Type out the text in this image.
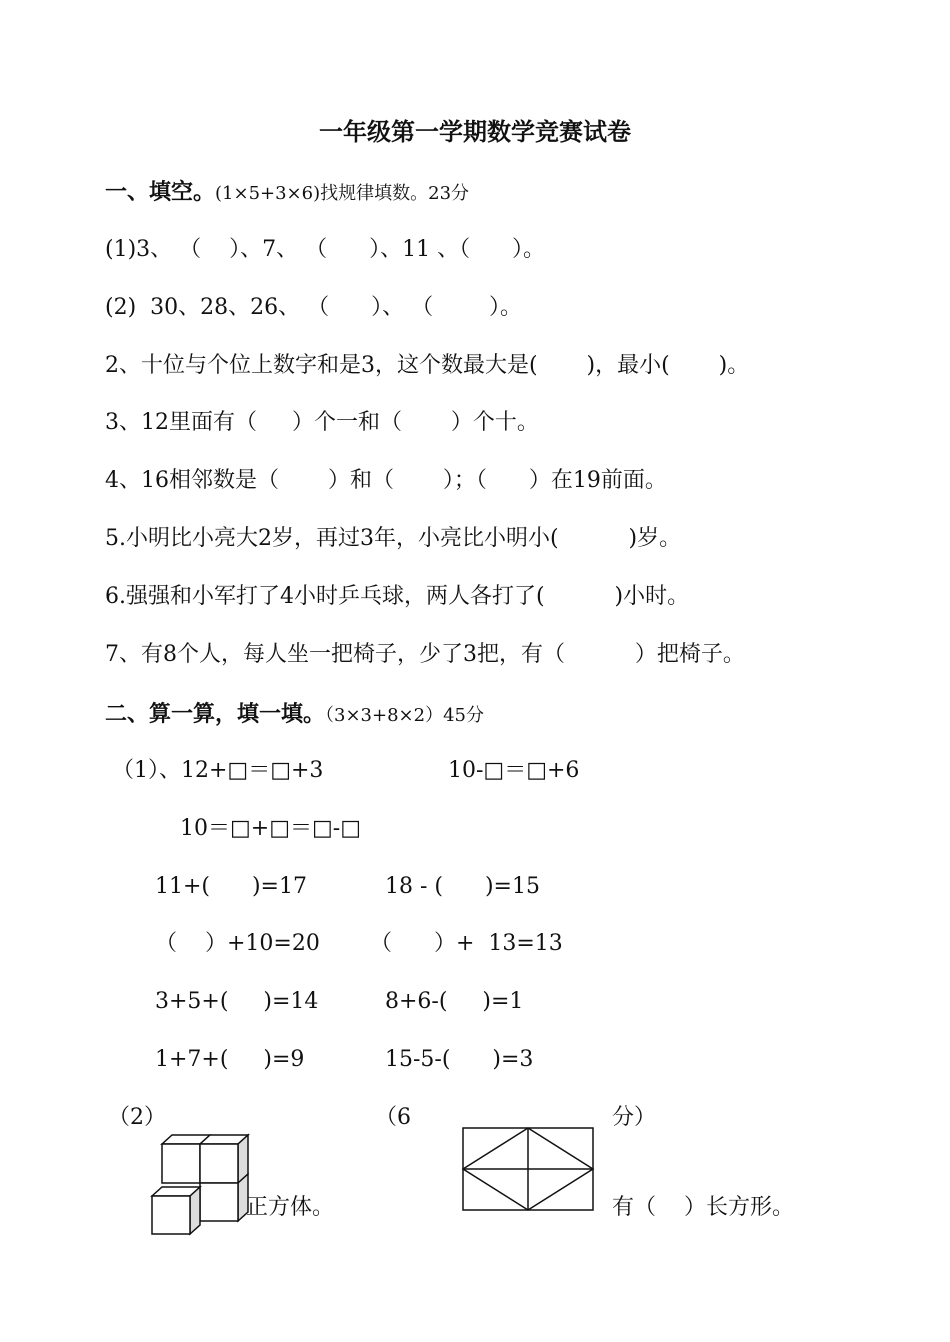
一年级第一学期数学竞赛试卷
一、填空。(1×5+3×6)找规律填数。23分
(1)3、 （    ）、7、 （      ）、11 、（      ）。
(2)  30、28、26、 （      ）、 （        ）。
2、十位与个位上数字和是3，这个数最大是(       )，最小(       )。
3、12里面有（     ）个一和（       ）个十。
4、16相邻数是（       ）和（       ）；（      ）在19前面。
5.小明比小亮大2岁，再过3年，小亮比小明小(          )岁。
6.强强和小军打了4小时乒乓球，两人各打了(          )小时。
7、有8个人，每人坐一把椅子，少了3把，有（          ）把椅子。
二、算一算，填一填。（3×3+8×2）45分
（1）、12+□＝□+3	10-□＝□+6
10＝□+□＝□-□
11+(      )=17	18 - (      )=15
（    ）+10=20 （      ）+  13=13
3+5+(     )=14	8+6-(     )=1
1+7+(     )=9	15-5-(      )=3
（2）	（6	分）
正方体。	有（    ）长方形。
